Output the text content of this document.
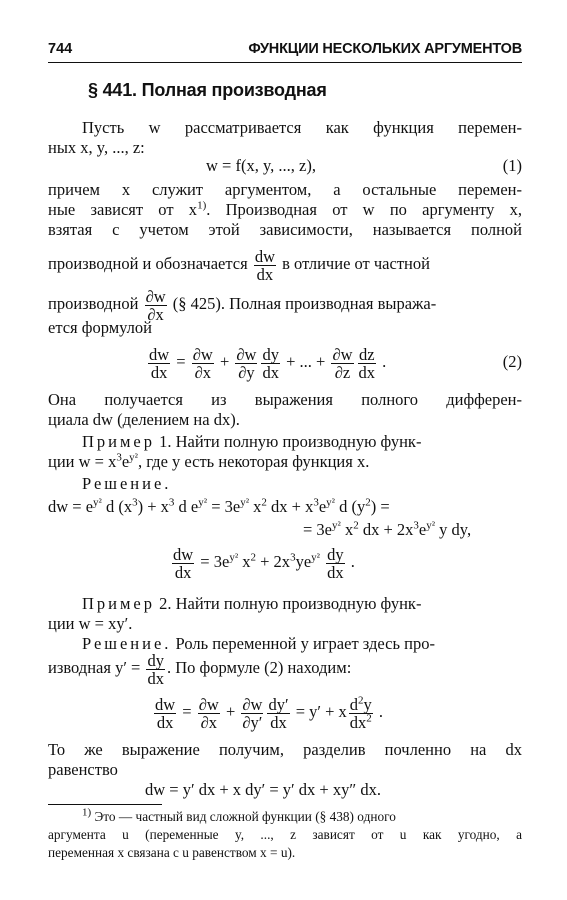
744	ФУНКЦИИ НЕСКОЛЬКИХ АРГУМЕНТОВ
§ 441. Полная производная
Пусть w рассматривается как функция перемен-
ных x, y, ..., z:
w = f(x, y, ..., z),	(1)
причем x служит аргументом, а остальные перемен-
ные зависят от $x^{1)}$. Производная от w по аргументу x,
взятая с учетом этой зависимости, называется полной
производной и обозначается $\frac{dw}{dx}$ в отличие от частной
производной $\frac{\partial w}{\partial x}$ (§ 425). Полная производная выража-
ется формулой
$\frac{dw}{dx} = \frac{\partial w}{\partial x} + \frac{\partial w}{\partial y} \frac{dy}{dx}$ + ... + $\frac{\partial w}{\partial z} \frac{dz}{dx}$ .	(2)
Она получается из выражения полного дифферен-
циала dw (делением на dx).
Пример 1. Найти полную производную функ-
ции $w = x^3e^{y^2}$, где y есть некоторая функция x.
Решение.
dw = $e^{y^2}$ d $(x^3) + x^3$ d $e^{y^2} = 3e^{y^2}$ $x^2$ dx + $x^3e^{y^2}$ d $(y^2)$ =
= $3e^{y^2}$ $x^2$ dx + $2x^3e^{y^2}$ y dy,
$\frac{dw}{dx} = 3e^{y^2}$ $x^2 + 2x^3ye^{y^2} \frac{dy}{dx}$ .
Пример 2. Найти полную производную функ-
ции w = xy′.
Решение. Роль переменной y играет здесь про-
изводная $y' = \frac{dy}{dx}$ . По формуле (2) находим:
$\frac{dw}{dx} = \frac{\partial w}{\partial x} + \frac{\partial w}{\partial y'} \frac{dy'}{dx} = y' + x \frac{d^2y}{dx^2}$ .
То же выражение получим, разделив почленно на dx
равенство
dw = y′ dx + x dy′ = y′ dx + xy″ dx.
$^{1)}$ Это — частный вид сложной функции (§ 438) одного
аргумента u (переменные y, ..., z зависят от u как угодно, а
переменная x связана с u равенством x = u).
